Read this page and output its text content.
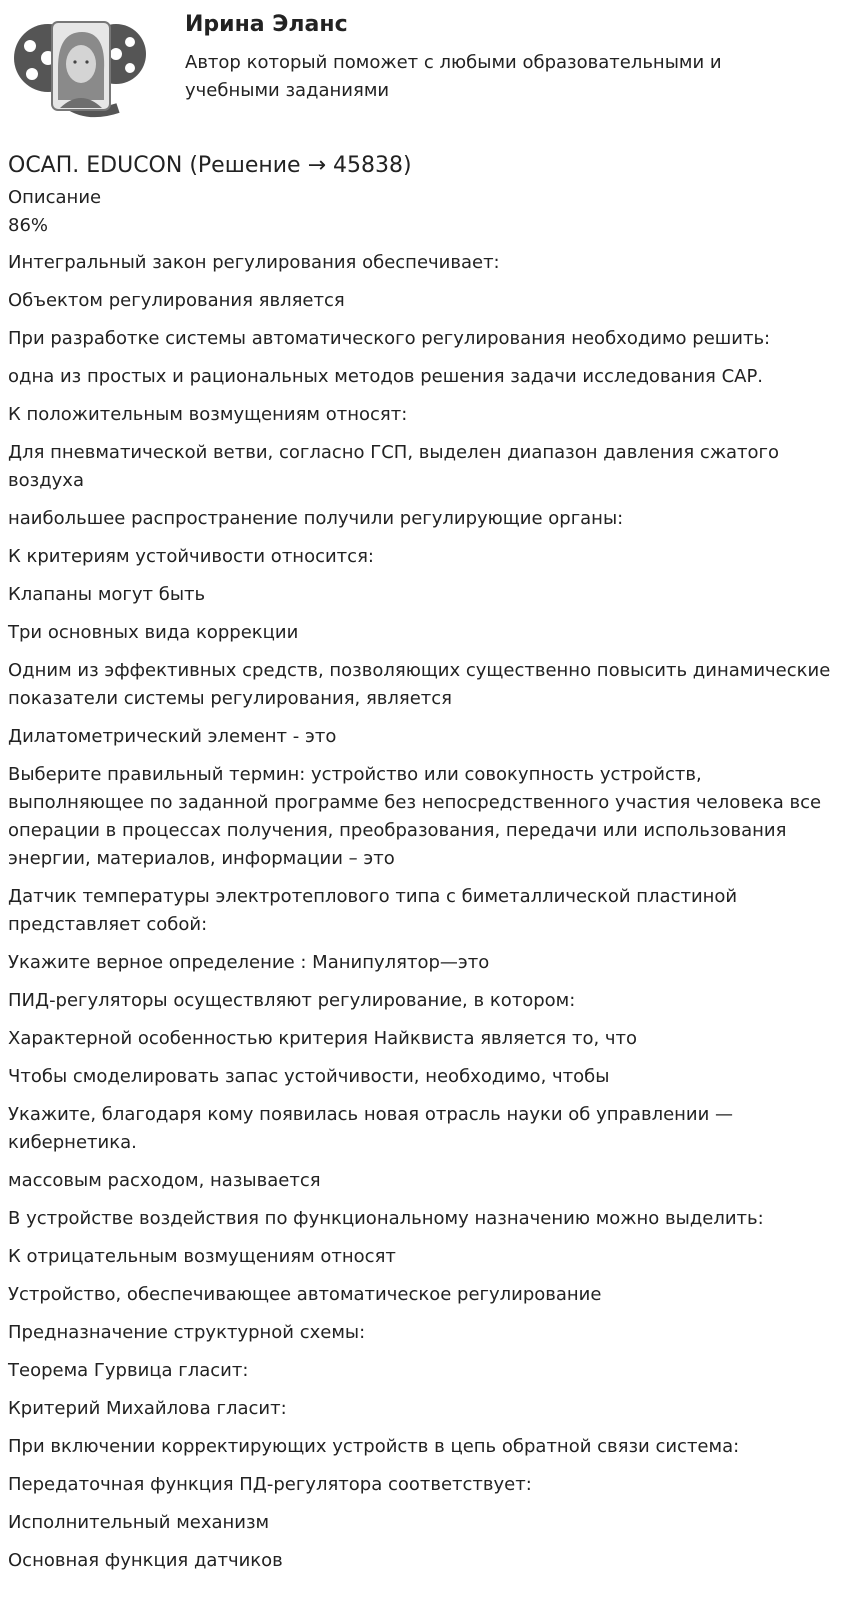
Ирина Эланс

Автор который поможет с любыми образовательными и учебными заданиями

ОСАП. EDUCON (Решение → 45838)
Описание
86%
Интегральный закон регулирования обеспечивает:
Объектом регулирования является
При разработке системы автоматического регулирования необходимо решить:
одна из простых и рациональных методов решения задачи исследования САР.
К положительным возмущениям относят:
Для пневматической ветви, согласно ГСП, выделен диапазон давления сжатого воздуха
наибольшее распространение получили регулирующие органы:
К критериям устойчивости относится:
Клапаны могут быть
Три основных вида коррекции
Одним из эффективных средств, позволяющих существенно повысить динамические показатели системы регулирования, является
Дилатометрический элемент - это
Выберите правильный термин: устройство или совокупность устройств, выполняющее по заданной программе без непосредственного участия человека все операции в процессах получения, преобразования, передачи или использования энергии, материалов, информации – это
Датчик температуры электротеплового типа с биметаллической пластиной представляет собой:
Укажите верное определение : Манипулятор—это
ПИД-регуляторы осуществляют регулирование, в котором:
Характерной особенностью критерия Найквиста является то, что
Чтобы смоделировать запас устойчивости, необходимо, чтобы
Укажите, благодаря кому появилась новая отрасль науки об управлении — кибернетика.
массовым расходом, называется
В устройстве воздействия по функциональному назначению можно выделить:
К отрицательным возмущениям относят
Устройство, обеспечивающее автоматическое регулирование
Предназначение структурной схемы:
Теорема Гурвица гласит:
Критерий Михайлова гласит:
При включении корректирующих устройств в цепь обратной связи система:
Передаточная функция ПД-регулятора соответствует:
Исполнительный механизм
Основная функция датчиков
